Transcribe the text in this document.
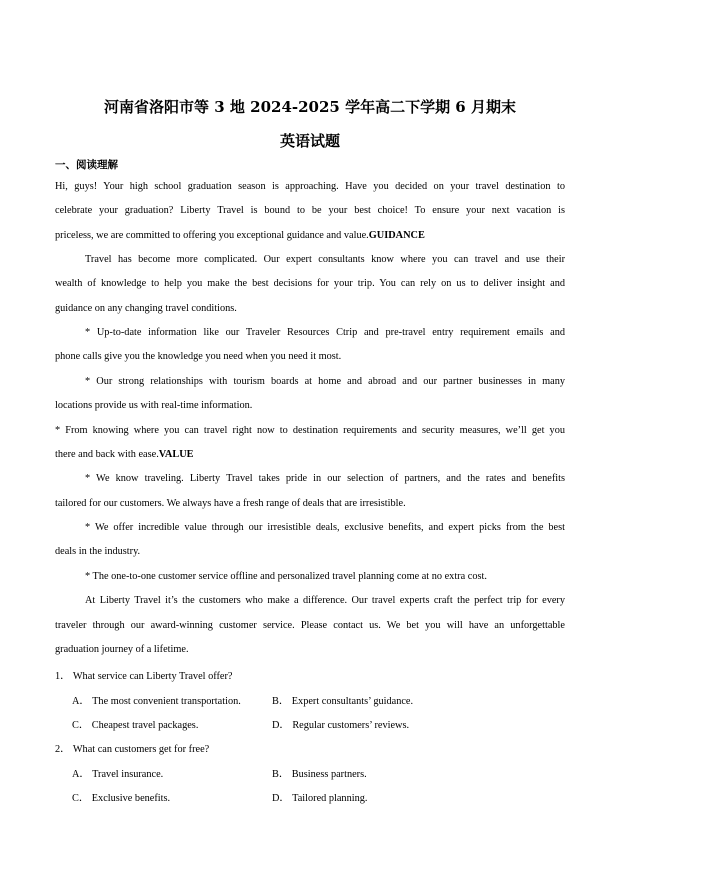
河南省洛阳市等 3 地 2024-2025 学年高二下学期 6 月期末
英语试题
一、阅读理解
Hi, guys! Your high school graduation season is approaching. Have you decided on your travel destination to
celebrate your graduation? Liberty Travel is bound to be your best choice! To ensure your next vacation is
priceless, we are committed to offering you exceptional guidance and value.GUIDANCE
Travel has become more complicated. Our expert consultants know where you can travel and use their
wealth of knowledge to help you make the best decisions for your trip. You can rely on us to deliver insight and
guidance on any changing travel conditions.
* Up-to-date information like our Traveler Resources Ctrip and pre-travel entry requirement emails and
phone calls give you the knowledge you need when you need it most.
* Our strong relationships with tourism boards at home and abroad and our partner businesses in many
locations provide us with real-time information.
* From knowing where you can travel right now to destination requirements and security measures, we’ll get you
there and back with ease.VALUE
* We know traveling. Liberty Travel takes pride in our selection of partners, and the rates and benefits
tailored for our customers. We always have a fresh range of deals that are irresistible.
* We offer incredible value through our irresistible deals, exclusive benefits, and expert picks from the best
deals in the industry.
* The one-to-one customer service offline and personalized travel planning come at no extra cost.
At Liberty Travel it’s the customers who make a difference. Our travel experts craft the perfect trip for every
traveler through our award-winning customer service. Please contact us. We bet you will have an unforgettable
graduation journey of a lifetime.
1． What service can Liberty Travel offer?
A． The most convenient transportation.	B． Expert consultants’ guidance.
C． Cheapest travel packages.	D． Regular customers’ reviews.
2． What can customers get for free?
A． Travel insurance.	B． Business partners.
C． Exclusive benefits.	D． Tailored planning.
